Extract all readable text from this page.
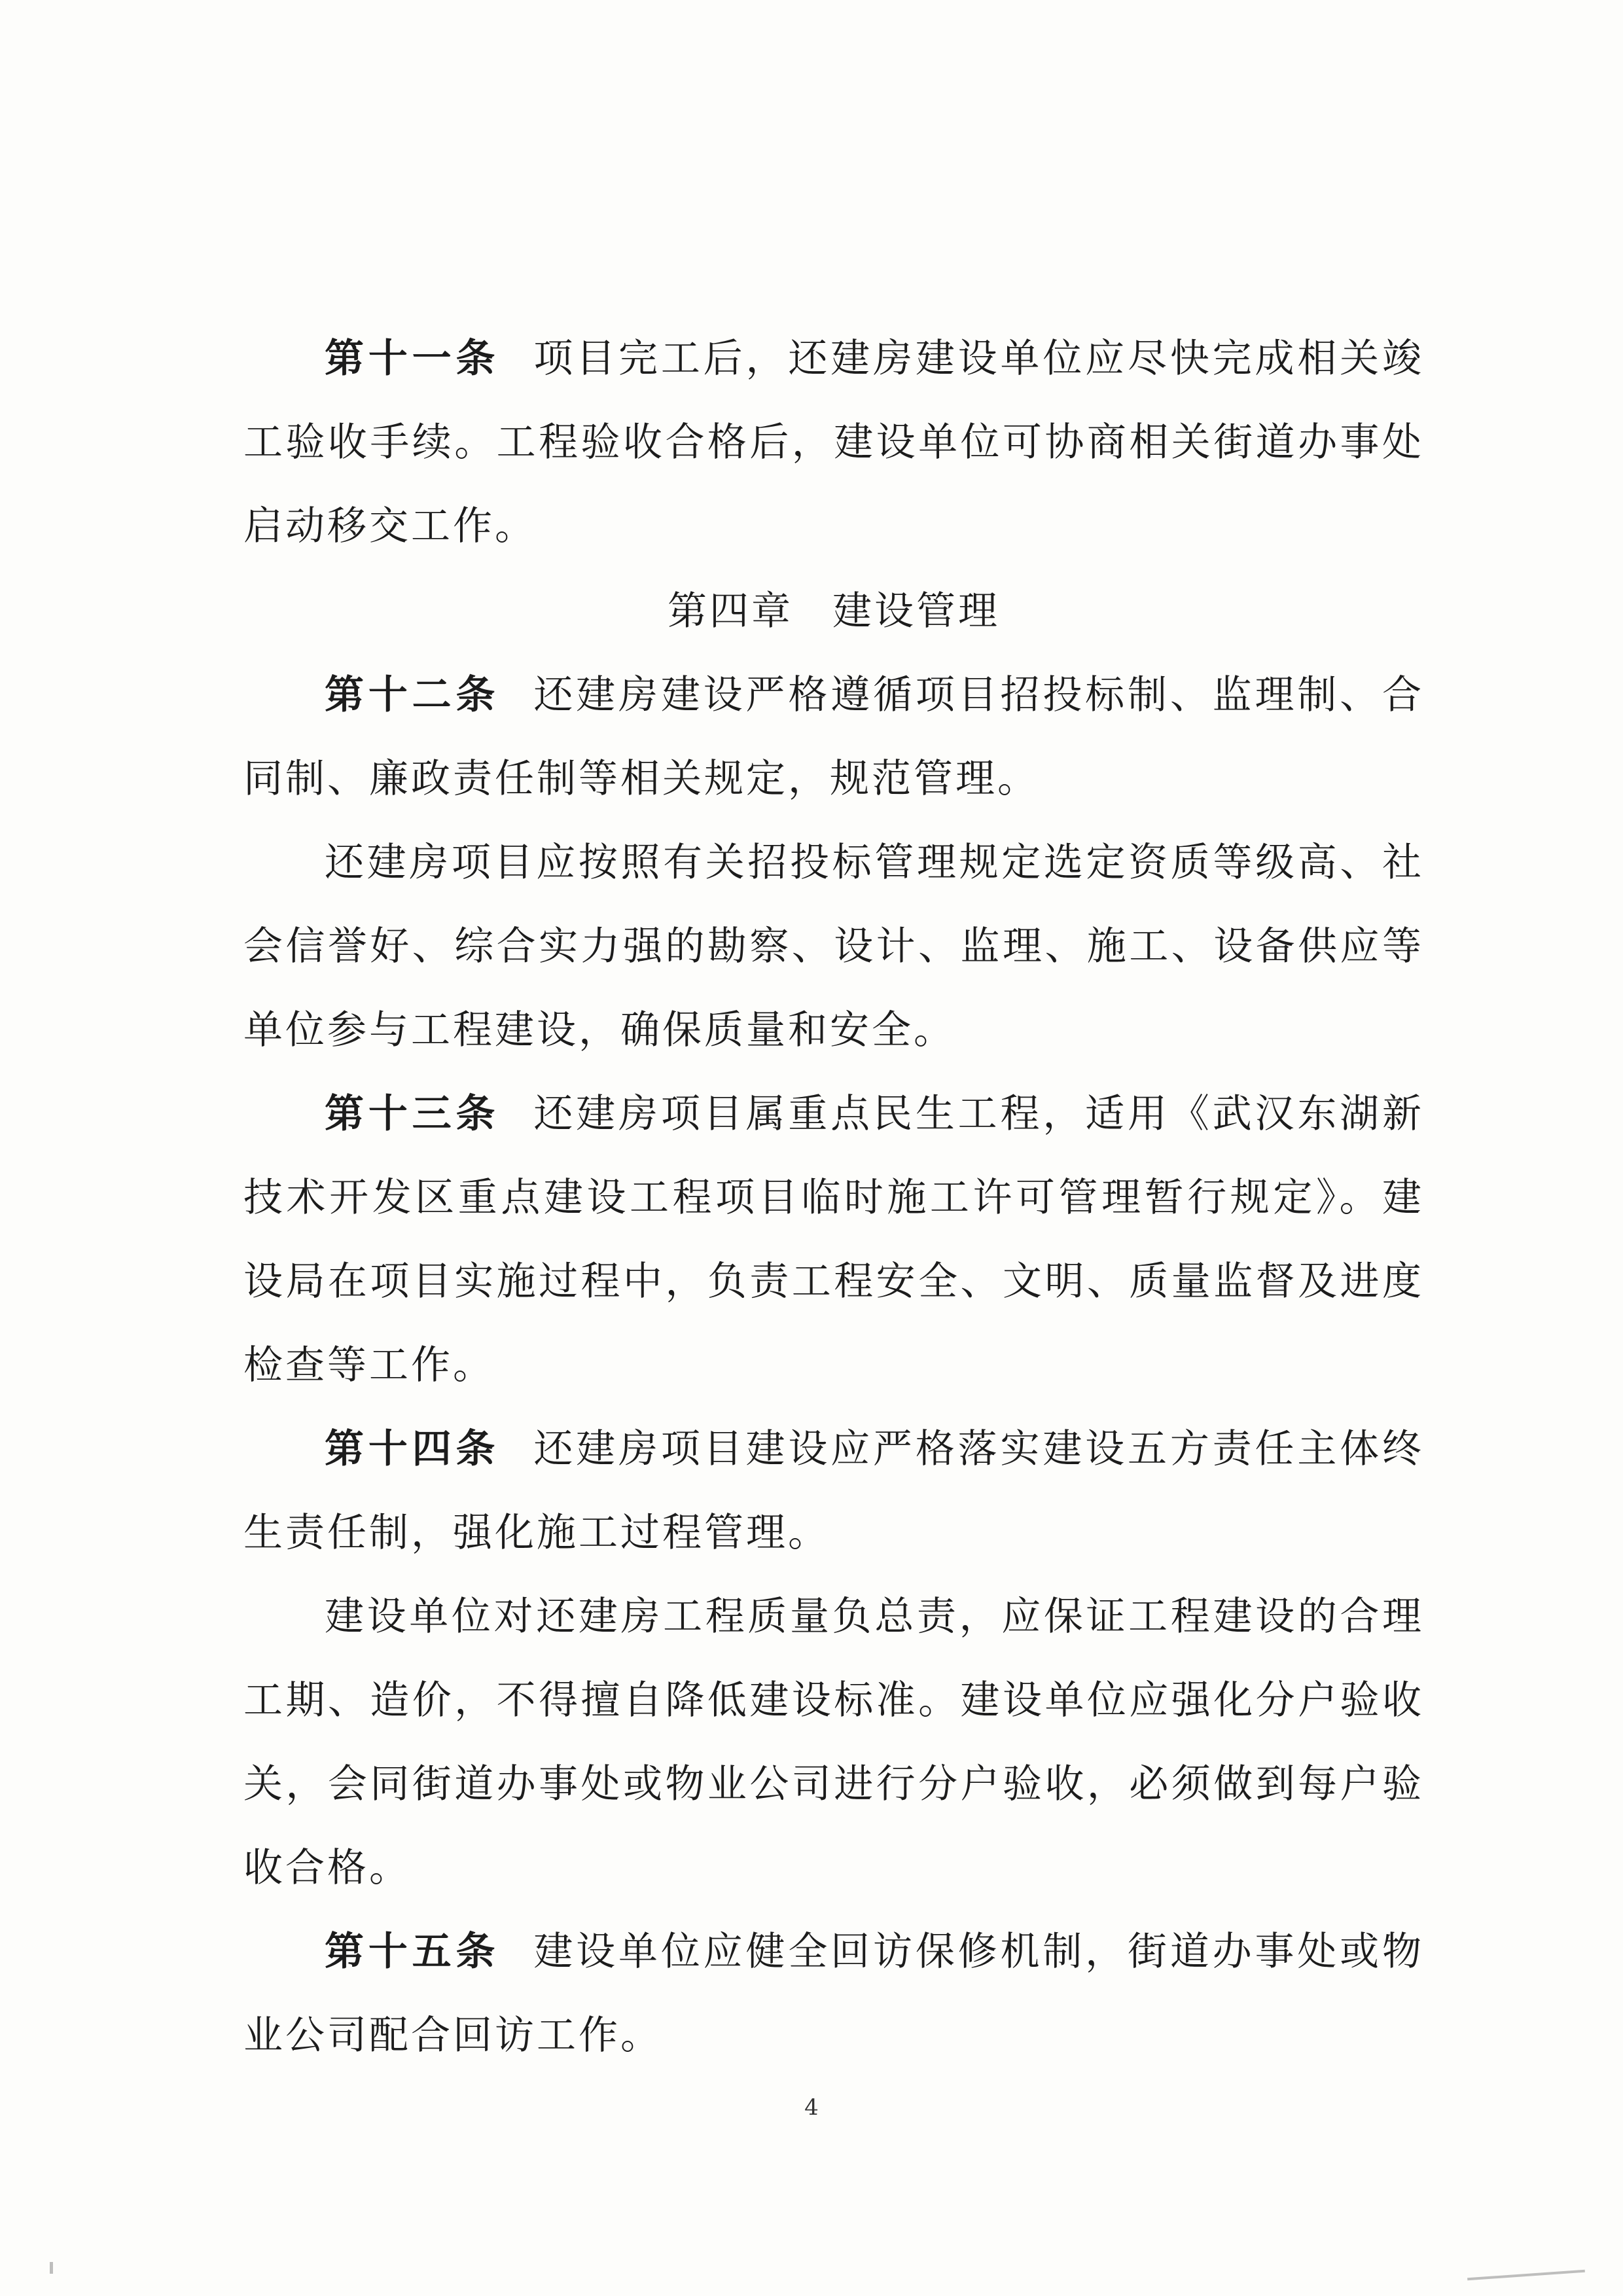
第十一条 项目完工后，还建房建设单位应尽快完成相关竣工验收手续。工程验收合格后，建设单位可协商相关街道办事处启动移交工作。

第四章 建设管理

第十二条 还建房建设严格遵循项目招投标制、监理制、合同制、廉政责任制等相关规定，规范管理。

还建房项目应按照有关招投标管理规定选定资质等级高、社会信誉好、综合实力强的勘察、设计、监理、施工、设备供应等单位参与工程建设，确保质量和安全。

第十三条 还建房项目属重点民生工程，适用《武汉东湖新技术开发区重点建设工程项目临时施工许可管理暂行规定》。建设局在项目实施过程中，负责工程安全、文明、质量监督及进度检查等工作。

第十四条 还建房项目建设应严格落实建设五方责任主体终生责任制，强化施工过程管理。

建设单位对还建房工程质量负总责，应保证工程建设的合理工期、造价，不得擅自降低建设标准。建设单位应强化分户验收关，会同街道办事处或物业公司进行分户验收，必须做到每户验收合格。

第十五条 建设单位应健全回访保修机制，街道办事处或物业公司配合回访工作。

4
